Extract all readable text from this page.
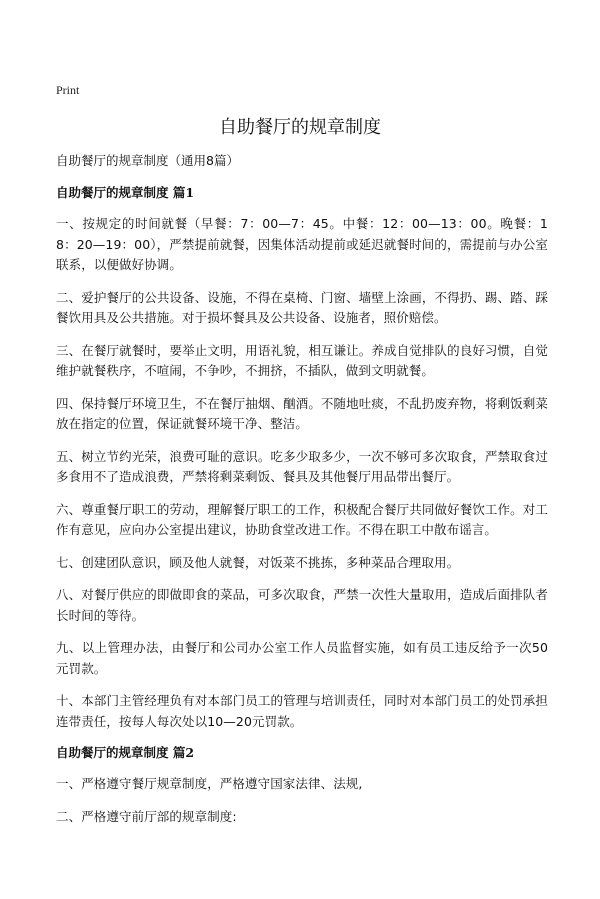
Print
自助餐厅的规章制度

自助餐厅的规章制度（通用8篇）

自助餐厅的规章制度 篇1

一、按规定的时间就餐（早餐：7：00—7：45。中餐：12：00—13：00。晚餐：18：20—19：00），严禁提前就餐，因集体活动提前或延迟就餐时间的，需提前与办公室联系，以便做好协调。

二、爱护餐厅的公共设备、设施，不得在桌椅、门窗、墙壁上涂画，不得扔、踢、踏、踩餐饮用具及公共措施。对于损坏餐具及公共设备、设施者，照价赔偿。

三、在餐厅就餐时，要举止文明，用语礼貌，相互谦让。养成自觉排队的良好习惯，自觉维护就餐秩序，不喧闹，不争吵，不拥挤，不插队，做到文明就餐。

四、保持餐厅环境卫生，不在餐厅抽烟、酗酒。不随地吐痰，不乱扔废弃物，将剩饭剩菜放在指定的位置，保证就餐环境干净、整洁。

五、树立节约光荣，浪费可耻的意识。吃多少取多少，一次不够可多次取食，严禁取食过多食用不了造成浪费，严禁将剩菜剩饭、餐具及其他餐厅用品带出餐厅。

六、尊重餐厅职工的劳动，理解餐厅职工的工作，积极配合餐厅共同做好餐饮工作。对工作有意见，应向办公室提出建议，协助食堂改进工作。不得在职工中散布谣言。

七、创建团队意识，顾及他人就餐，对饭菜不挑拣，多种菜品合理取用。

八、对餐厅供应的即做即食的菜品，可多次取食，严禁一次性大量取用，造成后面排队者长时间的等待。

九、以上管理办法，由餐厅和公司办公室工作人员监督实施，如有员工违反给予一次50元罚款。

十、本部门主管经理负有对本部门员工的管理与培训责任，同时对本部门员工的处罚承担连带责任，按每人每次处以10—20元罚款。

自助餐厅的规章制度 篇2

一、严格遵守餐厅规章制度，严格遵守国家法律、法规,

二、严格遵守前厅部的规章制度:
